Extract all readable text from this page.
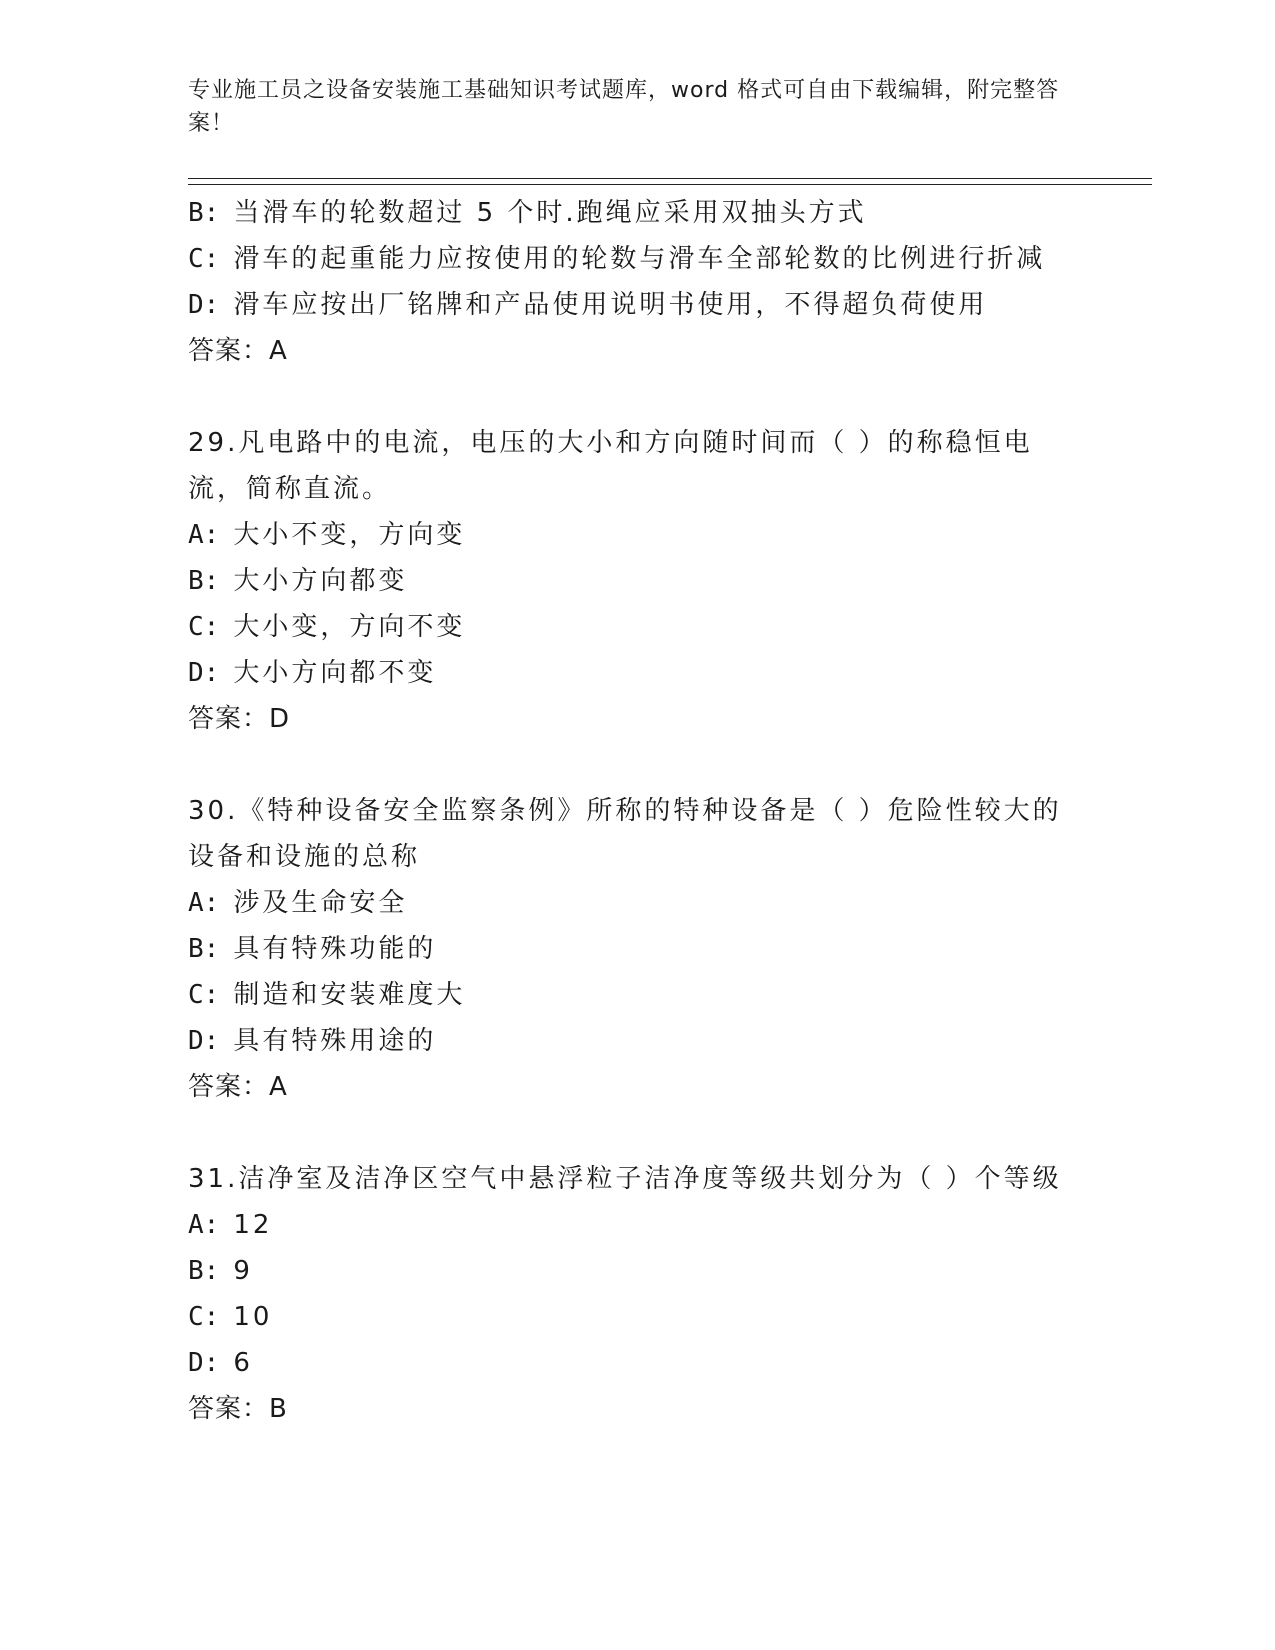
专业施工员之设备安装施工基础知识考试题库，word 格式可自由下载编辑，附完整答案！
B: 当滑车的轮数超过 5 个时.跑绳应采用双抽头方式
C: 滑车的起重能力应按使用的轮数与滑车全部轮数的比例进行折减
D: 滑车应按出厂铭牌和产品使用说明书使用，不得超负荷使用
答案：A
29.凡电路中的电流，电压的大小和方向随时间而（ ）的称稳恒电流，简称直流。
A: 大小不变，方向变
B: 大小方向都变
C: 大小变，方向不变
D: 大小方向都不变
答案：D
30.《特种设备安全监察条例》所称的特种设备是（ ）危险性较大的设备和设施的总称
A: 涉及生命安全
B: 具有特殊功能的
C: 制造和安装难度大
D: 具有特殊用途的
答案：A
31.洁净室及洁净区空气中悬浮粒子洁净度等级共划分为（ ）个等级
A: 12
B: 9
C: 10
D: 6
答案：B
